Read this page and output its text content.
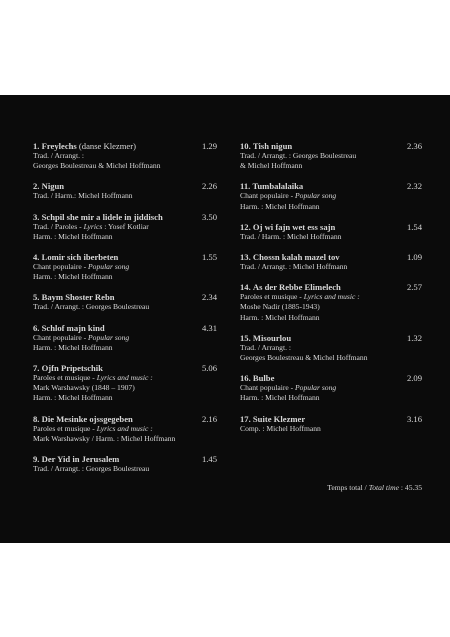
1. Freylechs (danse Klezmer)	1.29
Trad. / Arrangt. :
Georges Boulestreau & Michel Hoffmann
2. Nigun	2.26
Trad. / Harm.: Michel Hoffmann
3. Schpil she mir a lidele in jiddisch	3.50
Trad. / Paroles - Lyrics : Yosef Kotliar
Harm. : Michel Hoffmann
4. Lomir sich iberbeten	1.55
Chant populaire - Popular song
Harm. : Michel Hoffmann
5. Baym Shoster Rebn	2.34
Trad. / Arrangt. : Georges Boulestreau
6. Schlof majn kind	4.31
Chant populaire - Popular song
Harm. : Michel Hoffmann
7. Ojfn Pripetschik	5.06
Paroles et musique - Lyrics and music :
Mark Warshawsky (1848 – 1907)
Harm. : Michel Hoffmann
8. Die Mesinke ojssgegeben	2.16
Paroles et musique - Lyrics and music :
Mark Warshawsky / Harm. : Michel Hoffmann
9. Der Yid in Jerusalem	1.45
Trad. / Arrangt. : Georges Boulestreau
10. Tish nigun	2.36
Trad. / Arrangt. : Georges Boulestreau
& Michel Hoffmann
11. Tumbalalaika	2.32
Chant populaire - Popular song
Harm. : Michel Hoffmann
12. Oj wi fajn wet ess sajn	1.54
Trad. / Harm. : Michel Hoffmann
13. Chossn kalah mazel tov	1.09
Trad. / Arrangt. : Michel Hoffmann
14. As der Rebbe Elimelech	2.57
Paroles et musique - Lyrics and music :
Moshe Nadir (1885-1943)
Harm. : Michel Hoffmann
15. Misourlou	1.32
Trad. / Arrangt. :
Georges Boulestreau & Michel Hoffmann
16. Bulbe	2.09
Chant populaire - Popular song
Harm. : Michel Hoffmann
17. Suite Klezmer	3.16
Comp. : Michel Hoffmann
Temps total / Total time : 45.35
